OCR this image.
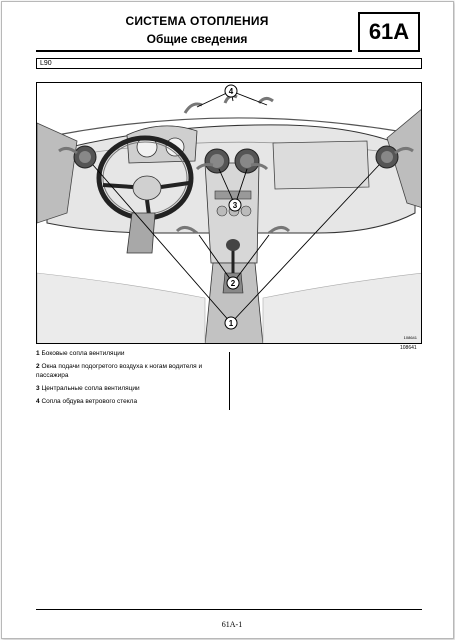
СИСТЕМА ОТОПЛЕНИЯ
Общие сведения	61A
L90
4
3
2
1
108641
108641
1 Боковые сопла вентиляции
2 Окна подачи подогретого воздуха к ногам водителя и пассажира
3 Центральные сопла вентиляции
4 Сопла обдува ветрового стекла
61A-1
